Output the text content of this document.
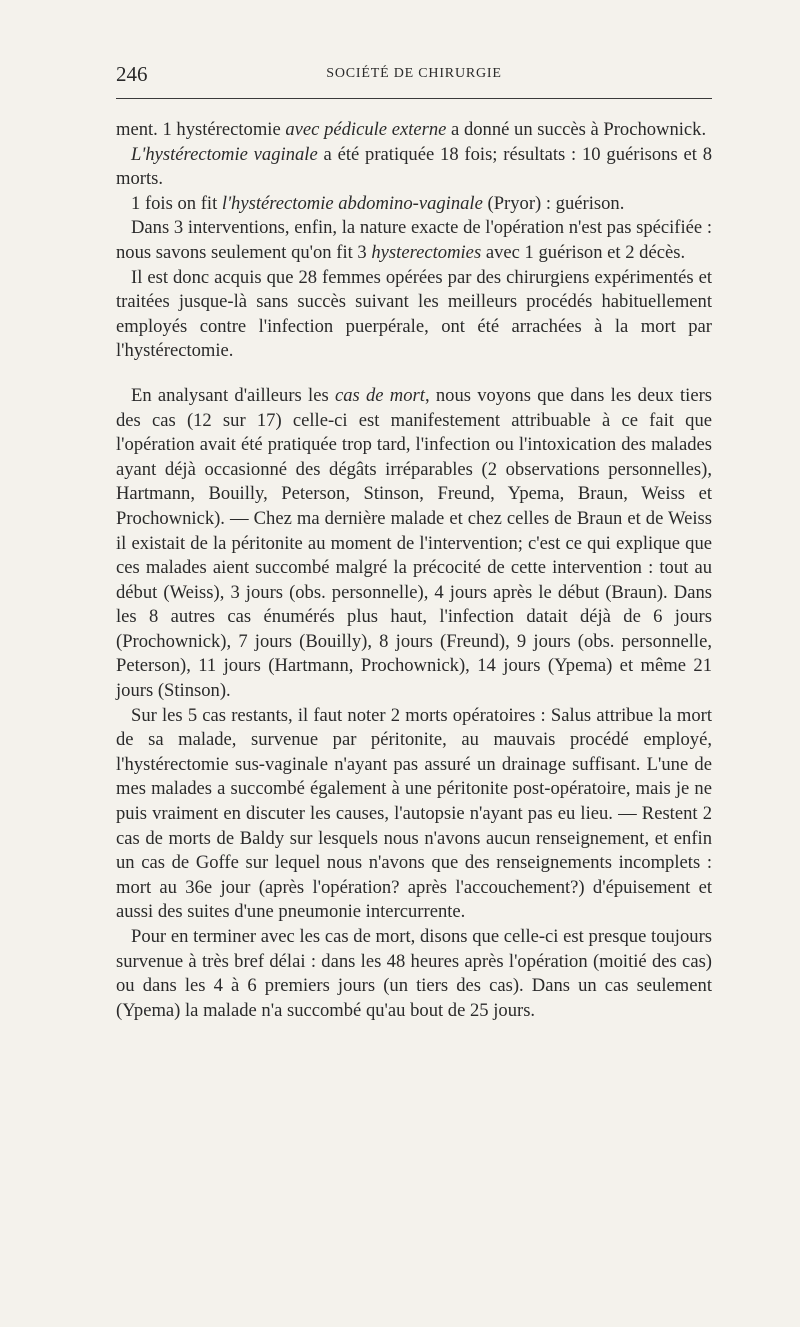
246	SOCIÉTÉ DE CHIRURGIE

ment. 1 hystérectomie avec pédicule externe a donné un succès à Prochownick.

L'hystérectomie vaginale a été pratiquée 18 fois; résultats : 10 guérisons et 8 morts.

1 fois on fit l'hystérectomie abdomino-vaginale (Pryor) : guérison.

Dans 3 interventions, enfin, la nature exacte de l'opération n'est pas spécifiée : nous savons seulement qu'on fit 3 hysterectomies avec 1 guérison et 2 décès.

Il est donc acquis que 28 femmes opérées par des chirurgiens expérimentés et traitées jusque-là sans succès suivant les meilleurs procédés habituellement employés contre l'infection puerpérale, ont été arrachées à la mort par l'hystérectomie.

En analysant d'ailleurs les cas de mort, nous voyons que dans les deux tiers des cas (12 sur 17) celle-ci est manifestement attribuable à ce fait que l'opération avait été pratiquée trop tard, l'infection ou l'intoxication des malades ayant déjà occasionné des dégâts irréparables (2 observations personnelles), Hartmann, Bouilly, Peterson, Stinson, Freund, Ypema, Braun, Weiss et Prochownick). — Chez ma dernière malade et chez celles de Braun et de Weiss il existait de la péritonite au moment de l'intervention; c'est ce qui explique que ces malades aient succombé malgré la précocité de cette intervention : tout au début (Weiss), 3 jours (obs. personnelle), 4 jours après le début (Braun). Dans les 8 autres cas énumérés plus haut, l'infection datait déjà de 6 jours (Prochownick), 7 jours (Bouilly), 8 jours (Freund), 9 jours (obs. personnelle, Peterson), 11 jours (Hartmann, Prochownick), 14 jours (Ypema) et même 21 jours (Stinson).

Sur les 5 cas restants, il faut noter 2 morts opératoires : Salus attribue la mort de sa malade, survenue par péritonite, au mauvais procédé employé, l'hystérectomie sus-vaginale n'ayant pas assuré un drainage suffisant. L'une de mes malades a succombé également à une péritonite post-opératoire, mais je ne puis vraiment en discuter les causes, l'autopsie n'ayant pas eu lieu. — Restent 2 cas de morts de Baldy sur lesquels nous n'avons aucun renseignement, et enfin un cas de Goffe sur lequel nous n'avons que des renseignements incomplets : mort au 36e jour (après l'opération? après l'accouchement?) d'épuisement et aussi des suites d'une pneumonie intercurrente.

Pour en terminer avec les cas de mort, disons que celle-ci est presque toujours survenue à très bref délai : dans les 48 heures après l'opération (moitié des cas) ou dans les 4 à 6 premiers jours (un tiers des cas). Dans un cas seulement (Ypema) la malade n'a succombé qu'au bout de 25 jours.
